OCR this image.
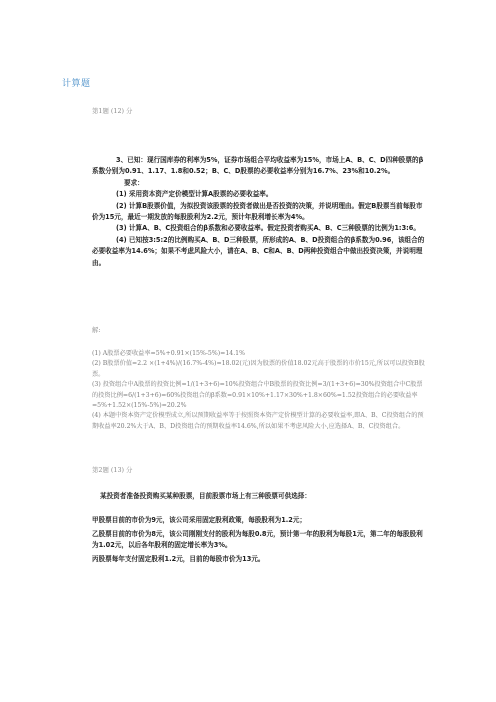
计算题
第1题 (12) 分

3、已知：现行国库券的利率为5%，证券市场组合平均收益率为15%，市场上A、B、C、D四种股票的β系数分别为0.91、1.17、1.8和0.52；B、C、D股票的必要收益率分别为16.7%、23%和10.2%。

要求：

(1) 采用资本资产定价模型计算A股票的必要收益率。

(2) 计算B股票价值，为拟投资该股票的投资者做出是否投资的决策，并说明理由。假定B股票当前每股市价为15元，最近一期发放的每股股利为2.2元，预计年股利增长率为4%。

(3) 计算A、B、C投资组合的β系数和必要收益率。假定投资者购买A、B、C三种股票的比例为1:3:6。

(4) 已知按3:5:2的比例购买A、B、D三种股票，所形成的A、B、D投资组合的β系数为0.96，该组合的必要收益率为14.6%；如果不考虑风险大小，请在A、B、C和A、B、D两种投资组合中做出投资决策，并说明理由。

解:

(1) A股票必要收益率=5%+0.91×(15%-5%)=14.1%

(2) B股票价值=2.2 ×(1+4%)/(16.7%-4%)=18.02(元)因为股票的价值18.02元高于股票的市价15元,所以可以投资B股票。

(3) 投资组合中A股票的投资比例=1/(1+3+6)=10%投资组合中B股票的投资比例=3/(1+3+6)=30%投资组合中C股票的投资比例=6/(1+3+6)=60%投资组合的β系数=0.91×10%+1.17×30%+1.8×60%=1.52投资组合的必要收益率=5%+1.52×(15%-5%)=20.2%

(4) 本题中资本资产定价模型成立,所以预期收益率等于按照资本资产定价模型计算的必要收益率,即A、B、C投资组合的预期收益率20.2%大于A、B、D投资组合的预期收益率14.6%,所以如果不考虑风险大小,应选择A、B、C投资组合。

第2题 (13) 分

某投资者准备投资购买某种股票，目前股票市场上有三种股票可供选择：

甲股票目前的市价为9元，该公司采用固定股利政策，每股股利为1.2元；

乙股票目前的市价为8元，该公司刚刚支付的股利为每股0.8元，预计第一年的股利为每股1元，第二年的每股股利为1.02元，以后各年股利的固定增长率为3%。

丙股票每年支付固定股利1.2元，目前的每股市价为13元。
